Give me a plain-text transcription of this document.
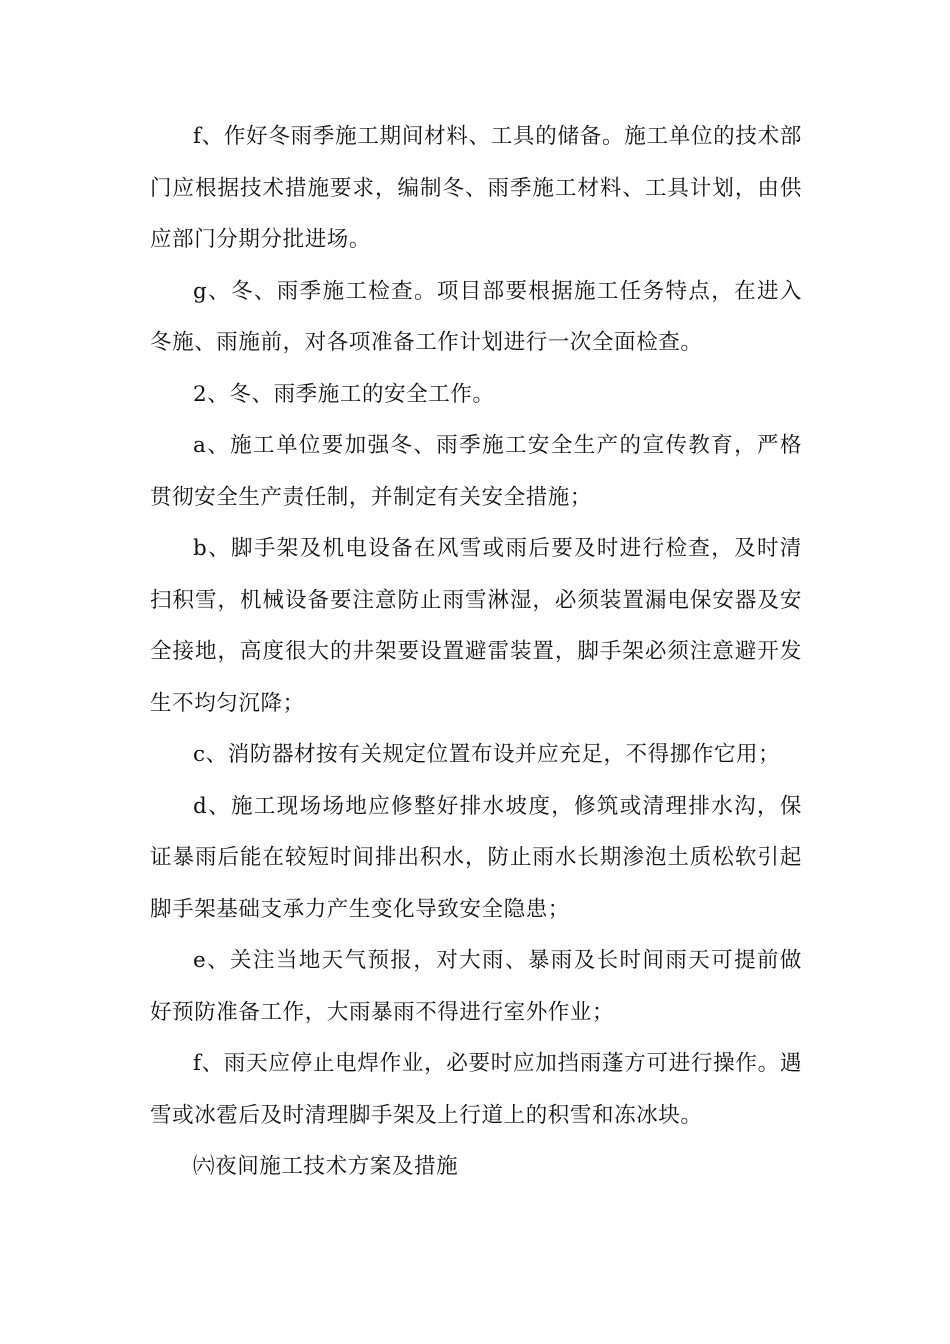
f、作好冬雨季施工期间材料、工具的储备。施工单位的技术部门应根据技术措施要求，编制冬、雨季施工材料、工具计划，由供应部门分期分批进场。

g、冬、雨季施工检查。项目部要根据施工任务特点，在进入冬施、雨施前，对各项准备工作计划进行一次全面检查。

2、冬、雨季施工的安全工作。

a、施工单位要加强冬、雨季施工安全生产的宣传教育，严格贯彻安全生产责任制，并制定有关安全措施；

b、脚手架及机电设备在风雪或雨后要及时进行检查，及时清扫积雪，机械设备要注意防止雨雪淋湿，必须装置漏电保安器及安全接地，高度很大的井架要设置避雷装置，脚手架必须注意避开发生不均匀沉降；

c、消防器材按有关规定位置布设并应充足，不得挪作它用；

d、施工现场场地应修整好排水坡度，修筑或清理排水沟，保证暴雨后能在较短时间排出积水，防止雨水长期渗泡土质松软引起脚手架基础支承力产生变化导致安全隐患；

e、关注当地天气预报，对大雨、暴雨及长时间雨天可提前做好预防准备工作，大雨暴雨不得进行室外作业；

f、雨天应停止电焊作业，必要时应加挡雨蓬方可进行操作。遇雪或冰雹后及时清理脚手架及上行道上的积雪和冻冰块。

㈥夜间施工技术方案及措施
